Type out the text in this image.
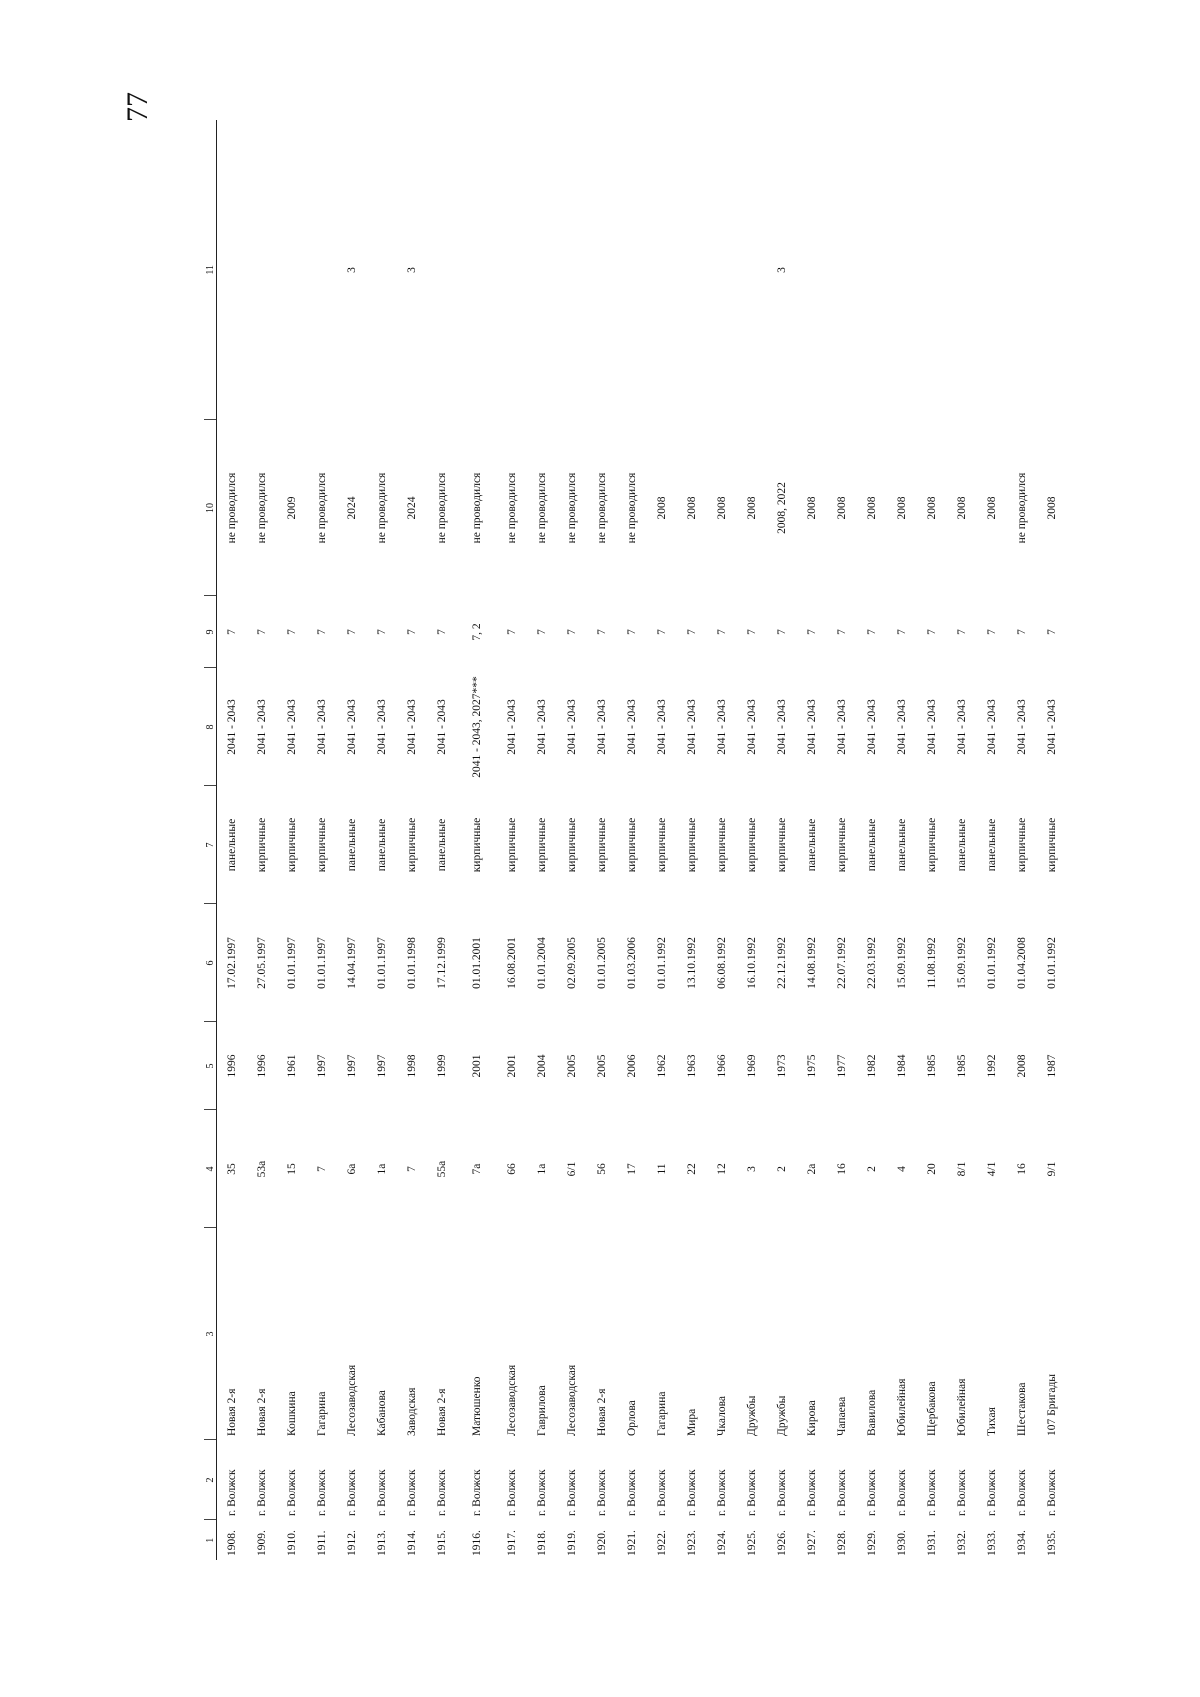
77
1	2	3	4	5	6	7	8	9	10	11
1908.	г. Волжск	Новая 2-я	35	1996	17.02.1997	панельные	2041 - 2043	7	не проводился	
1909.	г. Волжск	Новая 2-я	53а	1996	27.05.1997	кирпичные	2041 - 2043	7	не проводился	
1910.	г. Волжск	Кошкина	15	1961	01.01.1997	кирпичные	2041 - 2043	7	2009	
1911.	г. Волжск	Гагарина	7	1997	01.01.1997	кирпичные	2041 - 2043	7	не проводился	
1912.	г. Волжск	Лесозаводская	6а	1997	14.04.1997	панельные	2041 - 2043	7	2024	3
1913.	г. Волжск	Кабанова	1а	1997	01.01.1997	панельные	2041 - 2043	7	не проводился	
1914.	г. Волжск	Заводская	7	1998	01.01.1998	кирпичные	2041 - 2043	7	2024	3
1915.	г. Волжск	Новая 2-я	55а	1999	17.12.1999	панельные	2041 - 2043	7	не проводился	
1916.	г. Волжск	Матюшенко	7а	2001	01.01.2001	кирпичные	2041 - 2043, 2027***	7, 2	не проводился	
1917.	г. Волжск	Лесозаводская	66	2001	16.08.2001	кирпичные	2041 - 2043	7	не проводился	
1918.	г. Волжск	Гаврилова	1а	2004	01.01.2004	кирпичные	2041 - 2043	7	не проводился	
1919.	г. Волжск	Лесозаводская	6/1	2005	02.09.2005	кирпичные	2041 - 2043	7	не проводился	
1920.	г. Волжск	Новая 2-я	56	2005	01.01.2005	кирпичные	2041 - 2043	7	не проводился	
1921.	г. Волжск	Орлова	17	2006	01.03.2006	кирпичные	2041 - 2043	7	не проводился	
1922.	г. Волжск	Гагарина	11	1962	01.01.1992	кирпичные	2041 - 2043	7	2008	
1923.	г. Волжск	Мира	22	1963	13.10.1992	кирпичные	2041 - 2043	7	2008	
1924.	г. Волжск	Чкалова	12	1966	06.08.1992	кирпичные	2041 - 2043	7	2008	
1925.	г. Волжск	Дружбы	3	1969	16.10.1992	кирпичные	2041 - 2043	7	2008	
1926.	г. Волжск	Дружбы	2	1973	22.12.1992	кирпичные	2041 - 2043	7	2008, 2022	3
1927.	г. Волжск	Кирова	2а	1975	14.08.1992	панельные	2041 - 2043	7	2008	
1928.	г. Волжск	Чапаева	16	1977	22.07.1992	кирпичные	2041 - 2043	7	2008	
1929.	г. Волжск	Вавилова	2	1982	22.03.1992	панельные	2041 - 2043	7	2008	
1930.	г. Волжск	Юбилейная	4	1984	15.09.1992	панельные	2041 - 2043	7	2008	
1931.	г. Волжск	Щербакова	20	1985	11.08.1992	кирпичные	2041 - 2043	7	2008	
1932.	г. Волжск	Юбилейная	8/1	1985	15.09.1992	панельные	2041 - 2043	7	2008	
1933.	г. Волжск	Тихая	4/1	1992	01.01.1992	панельные	2041 - 2043	7	2008	
1934.	г. Волжск	Шестакова	16	2008	01.04.2008	кирпичные	2041 - 2043	7	не проводился	
1935.	г. Волжск	107 Бригады	9/1	1987	01.01.1992	кирпичные	2041 - 2043	7	2008	
